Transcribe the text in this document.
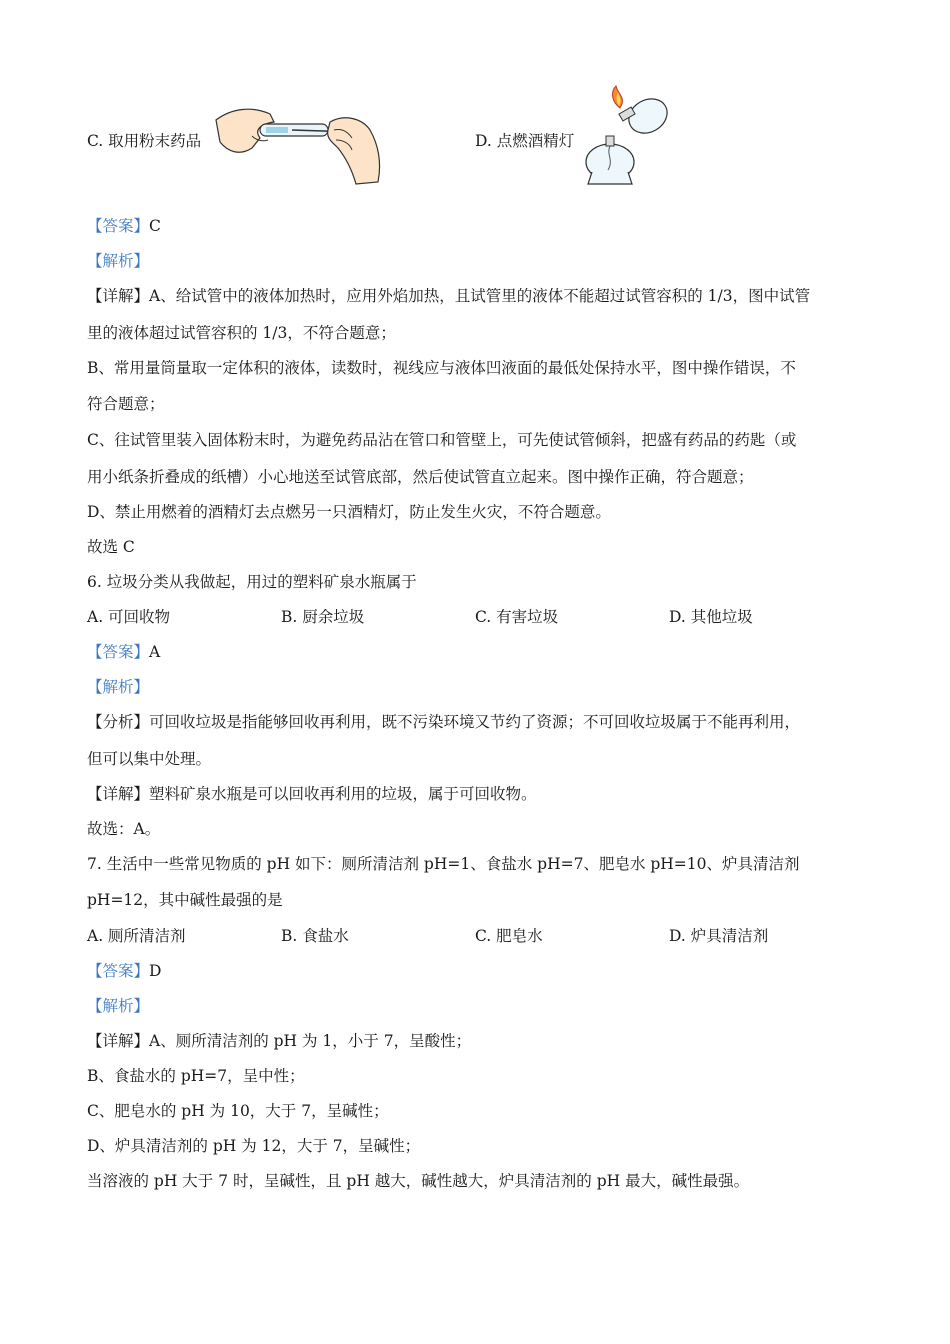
C. 取用粉末药品	D. 点燃酒精灯
【答案】C
【解析】
【详解】A、给试管中的液体加热时，应用外焰加热，且试管里的液体不能超过试管容积的 1/3，图中试管
里的液体超过试管容积的 1/3，不符合题意；
B、常用量筒量取一定体积的液体，读数时，视线应与液体凹液面的最低处保持水平，图中操作错误，不
符合题意；
C、往试管里装入固体粉末时，为避免药品沾在管口和管壁上，可先使试管倾斜，把盛有药品的药匙（或
用小纸条折叠成的纸槽）小心地送至试管底部，然后使试管直立起来。图中操作正确，符合题意；
D、禁止用燃着的酒精灯去点燃另一只酒精灯，防止发生火灾，不符合题意。
故选 C
6. 垃圾分类从我做起，用过的塑料矿泉水瓶属于
A. 可回收物	B. 厨余垃圾	C. 有害垃圾	D. 其他垃圾
【答案】A
【解析】
【分析】可回收垃圾是指能够回收再利用，既不污染环境又节约了资源；不可回收垃圾属于不能再利用，
但可以集中处理。
【详解】塑料矿泉水瓶是可以回收再利用的垃圾，属于可回收物。
故选：A。
7. 生活中一些常见物质的 pH 如下：厕所清洁剂 pH=1、食盐水 pH=7、肥皂水 pH=10、炉具清洁剂
pH=12，其中碱性最强的是
A. 厕所清洁剂	B. 食盐水	C. 肥皂水	D. 炉具清洁剂
【答案】D
【解析】
【详解】A、厕所清洁剂的 pH 为 1，小于 7，呈酸性；
B、食盐水的 pH=7，呈中性；
C、肥皂水的 pH 为 10，大于 7，呈碱性；
D、炉具清洁剂的 pH 为 12，大于 7，呈碱性；
当溶液的 pH 大于 7 时，呈碱性，且 pH 越大，碱性越大，炉具清洁剂的 pH 最大，碱性最强。
